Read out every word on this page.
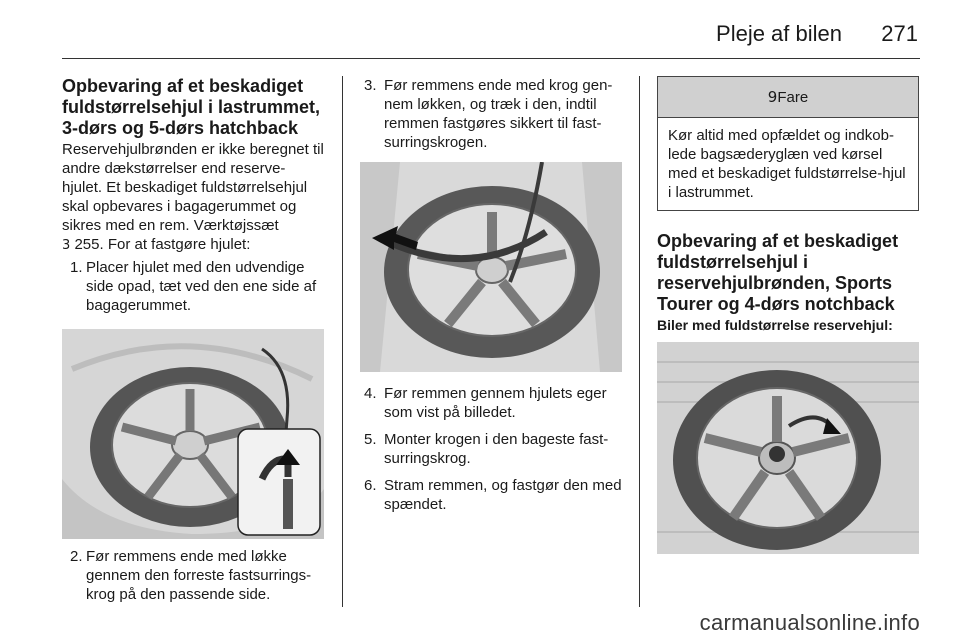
Pleje af bilen 271
Opbevaring af et beskadiget fuldstørrelsehjul i lastrummet, 3-dørs og 5-dørs hatchback

Reservehjulbrønden er ikke beregnet til andre dækstørrelser end reserve-hjulet. Et beskadiget fuldstørrelsehjul skal opbevares i bagagerummet og sikres med en rem. Værktøjssæt
3 255. For at fastgøre hjulet:

1. Placer hjulet med den udvendige side opad, tæt ved den ene side af bagagerummet.
2. Før remmens ende med løkke gennem den forreste fastsurrings-krog på den passende side.
3. Før remmens ende med krog gen-nem løkken, og træk i den, indtil remmen fastgøres sikkert til fast-surringskrogen.
4. Før remmen gennem hjulets eger som vist på billedet.
5. Monter krogen i den bageste fast-surringskrog.
6. Stram remmen, og fastgør den med spændet.
9Fare
Kør altid med opfældet og indkob-lede bagsæderyglæn ved kørsel med et beskadiget fuldstørrelse-hjul i lastrummet.
Opbevaring af et beskadiget fuldstørrelsehjul i reservehjulbrønden, Sports Tourer og 4-dørs notchback
Biler med fuldstørrelse reservehjul:
carmanualsonline.info
